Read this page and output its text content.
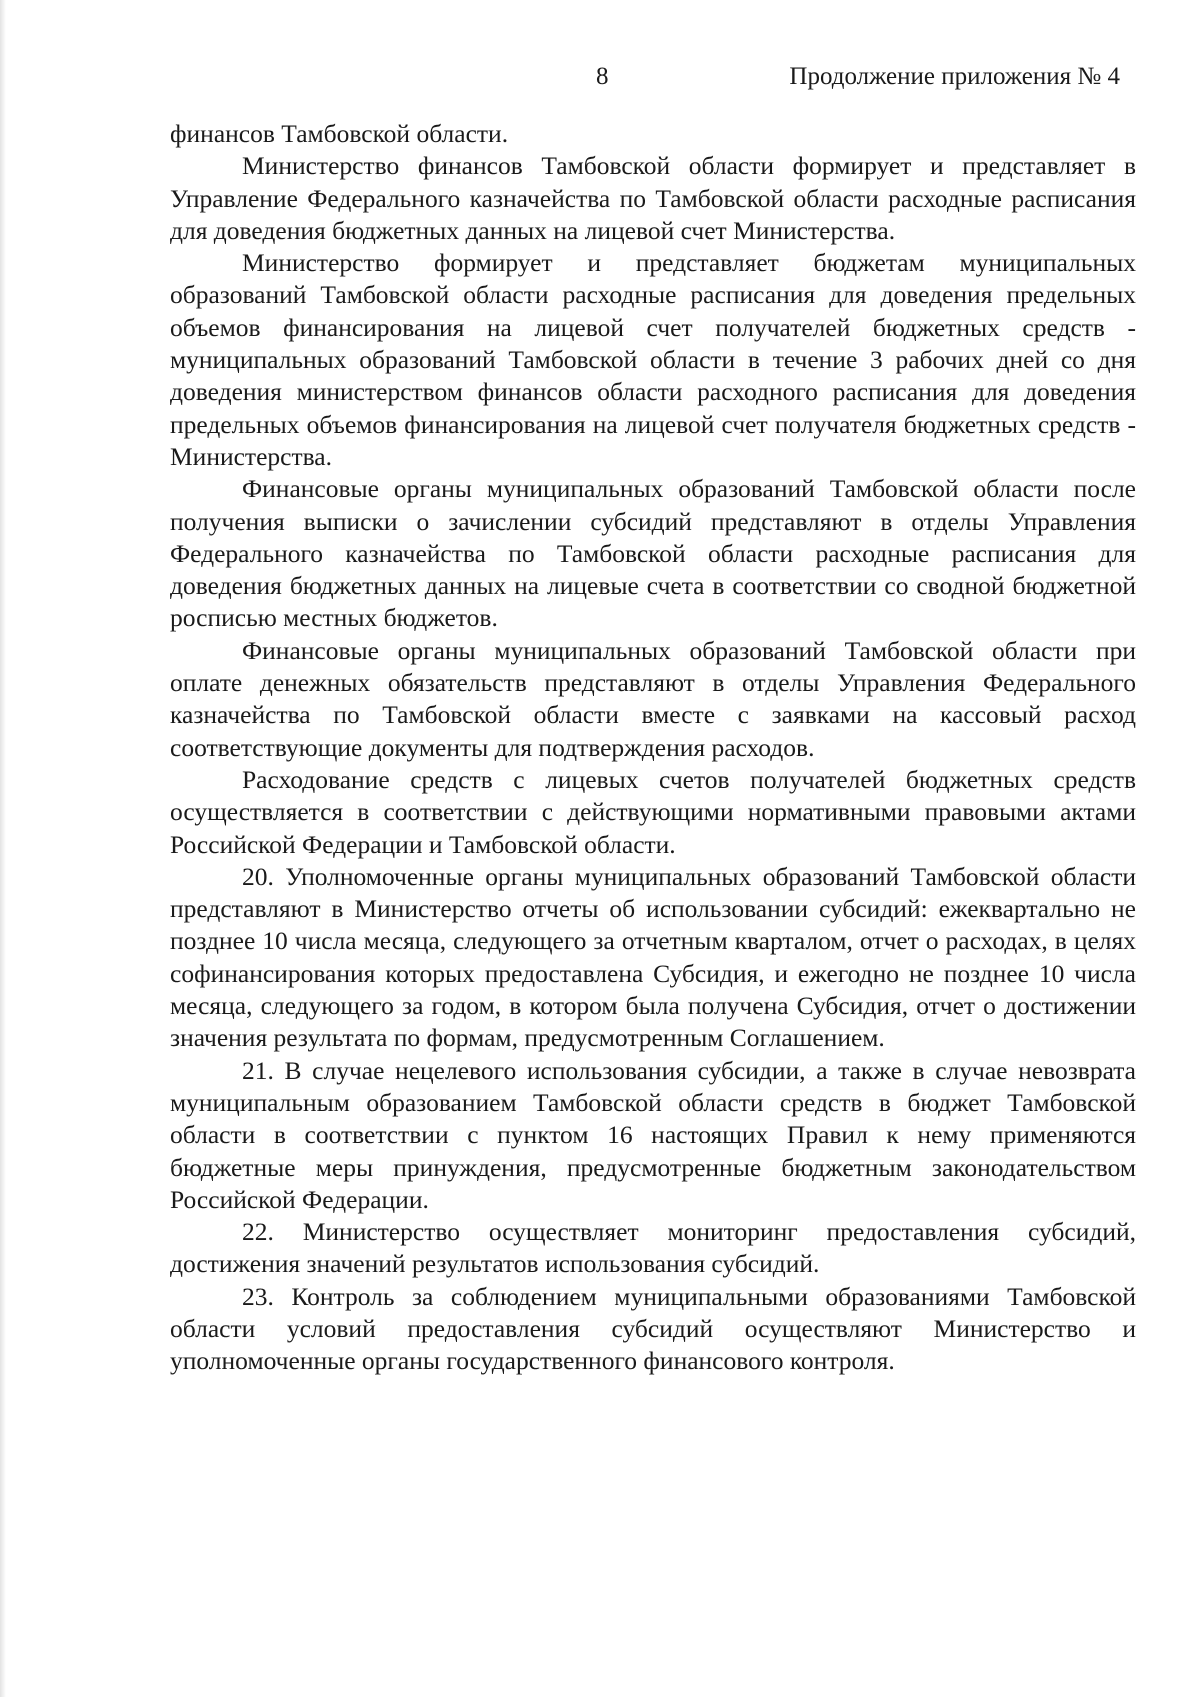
8	Продолжение приложения № 4

финансов Тамбовской области.

Министерство финансов Тамбовской области формирует и представляет в Управление Федерального казначейства по Тамбовской области расходные расписания для доведения бюджетных данных на лицевой счет Министерства.

Министерство формирует и представляет бюджетам муниципальных образований Тамбовской области расходные расписания для доведения предельных объемов финансирования на лицевой счет получателей бюджетных средств - муниципальных образований Тамбовской области в течение 3 рабочих дней со дня доведения министерством финансов области расходного расписания для доведения предельных объемов финансирования на лицевой счет получателя бюджетных средств - Министерства.

Финансовые органы муниципальных образований Тамбовской области после получения выписки о зачислении субсидий представляют в отделы Управления Федерального казначейства по Тамбовской области расходные расписания для доведения бюджетных данных на лицевые счета в соответствии со сводной бюджетной росписью местных бюджетов.

Финансовые органы муниципальных образований Тамбовской области при оплате денежных обязательств представляют в отделы Управления Федерального казначейства по Тамбовской области вместе с заявками на кассовый расход соответствующие документы для подтверждения расходов.

Расходование средств с лицевых счетов получателей бюджетных средств осуществляется в соответствии с действующими нормативными правовыми актами Российской Федерации и Тамбовской области.

20. Уполномоченные органы муниципальных образований Тамбовской области представляют в Министерство отчеты об использовании субсидий: ежеквартально не позднее 10 числа месяца, следующего за отчетным кварталом, отчет о расходах, в целях софинансирования которых предоставлена Субсидия, и ежегодно не позднее 10 числа месяца, следующего за годом, в котором была получена Субсидия, отчет о достижении значения результата по формам, предусмотренным Соглашением.

21. В случае нецелевого использования субсидии, а также в случае невозврата муниципальным образованием Тамбовской области средств в бюджет Тамбовской области в соответствии с пунктом 16 настоящих Правил к нему применяются бюджетные меры принуждения, предусмотренные бюджетным законодательством Российской Федерации.

22. Министерство осуществляет мониторинг предоставления субсидий, достижения значений результатов использования субсидий.

23. Контроль за соблюдением муниципальными образованиями Тамбовской области условий предоставления субсидий осуществляют Министерство и уполномоченные органы государственного финансового контроля.
